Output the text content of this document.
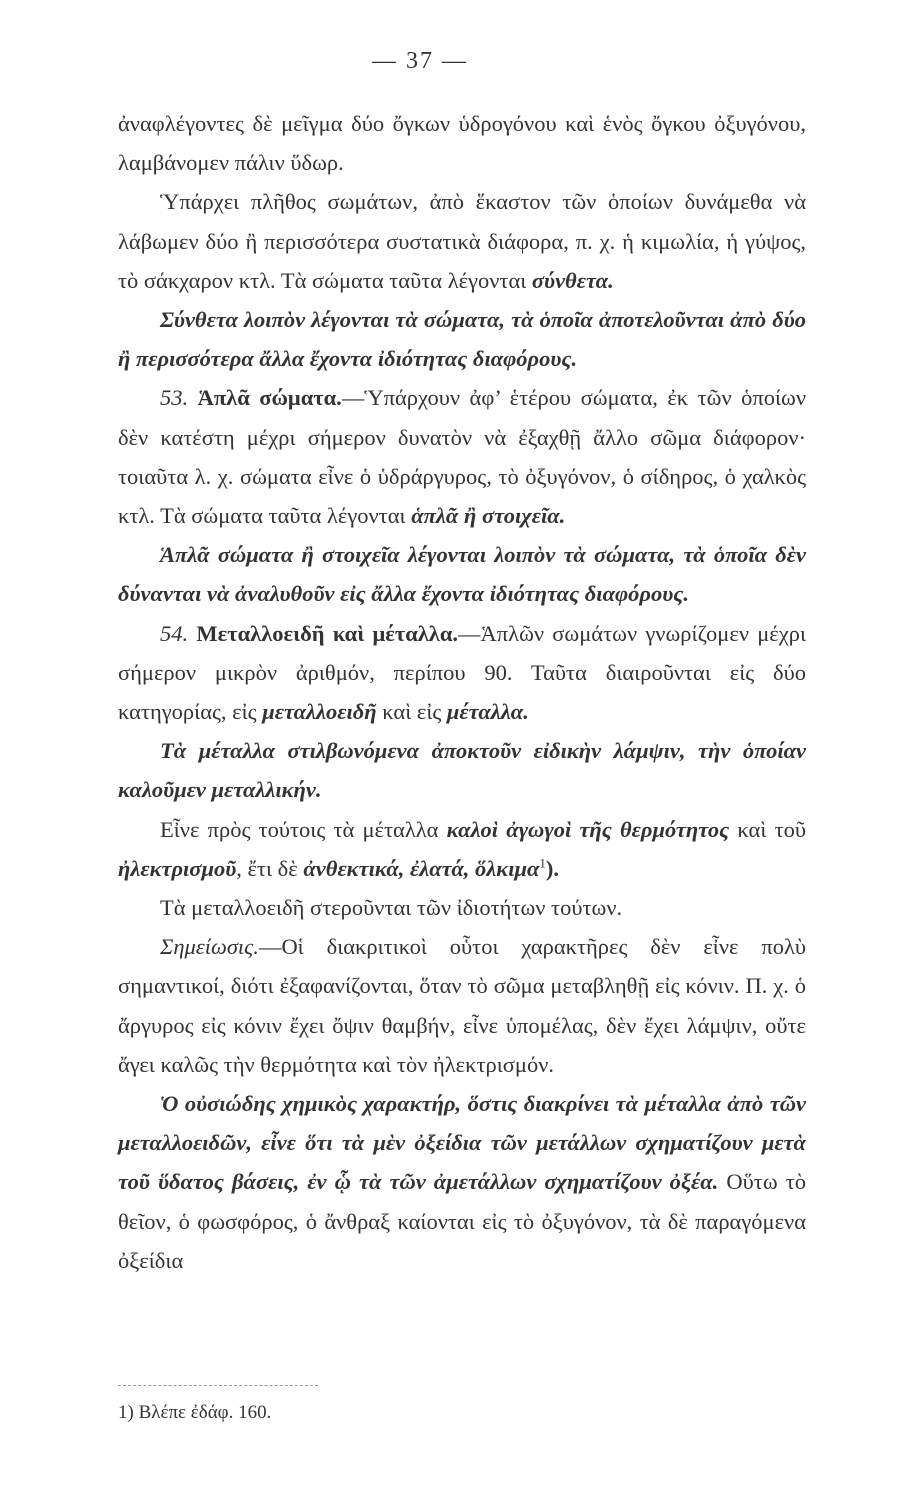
— 37 —

ἀναφλέγοντες δὲ μεῖγμα δύο ὄγκων ὑδρογόνου καὶ ἑνὸς ὄγκου ὀξυγόνου, λαμβάνομεν πάλιν ὕδωρ.

Ὑπάρχει πλῆθος σωμάτων, ἀπὸ ἕκαστον τῶν ὁποίων δυνάμεθα νὰ λάβωμεν δύο ἢ περισσότερα συστατικὰ διάφορα, π. χ. ἡ κιμωλία, ἡ γύψος, τὸ σάκχαρον κτλ. Τὰ σώματα ταῦτα λέγονται σύνθετα.

Σύνθετα λοιπὸν λέγονται τὰ σώματα, τὰ ὁποῖα ἀποτελοῦνται ἀπὸ δύο ἢ περισσότερα ἄλλα ἔχοντα ἰδιότητας διαφόρους.

53. Ἁπλᾶ σώματα.—Ὑπάρχουν ἀφ’ ἑτέρου σώματα, ἐκ τῶν ὁποίων δὲν κατέστη μέχρι σήμερον δυνατὸν νὰ ἐξαχθῇ ἄλλο σῶμα διάφορον· τοιαῦτα λ. χ. σώματα εἶνε ὁ ὑδράργυρος, τὸ ὀξυγόνον, ὁ σίδηρος, ὁ χαλκὸς κτλ. Τὰ σώματα ταῦτα λέγονται ἁπλᾶ ἢ στοιχεῖα.

Ἁπλᾶ σώματα ἢ στοιχεῖα λέγονται λοιπὸν τὰ σώματα, τὰ ὁποῖα δὲν δύνανται νὰ ἀναλυθοῦν εἰς ἄλλα ἔχοντα ἰδιότητας διαφόρους.

54. Μεταλλοειδῆ καὶ μέταλλα.—Ἁπλῶν σωμάτων γνωρίζομεν μέχρι σήμερον μικρὸν ἀριθμόν, περίπου 90. Ταῦτα διαιροῦνται εἰς δύο κατηγορίας, εἰς μεταλλοειδῆ καὶ εἰς μέταλλα.

Τὰ μέταλλα στιλβωνόμενα ἀποκτοῦν εἰδικὴν λάμψιν, τὴν ὁποίαν καλοῦμεν μεταλλικήν.

Εἶνε πρὸς τούτοις τὰ μέταλλα καλοὶ ἀγωγοὶ τῆς θερμότητος καὶ τοῦ ἠλεκτρισμοῦ, ἔτι δὲ ἀνθεκτικά, ἐλατά, ὅλκιμα$^1$).

Τὰ μεταλλοειδῆ στεροῦνται τῶν ἰδιοτήτων τούτων.

Σημείωσις.—Οἱ διακριτικοὶ οὗτοι χαρακτῆρες δὲν εἶνε πολὺ σημαντικοί, διότι ἐξαφανίζονται, ὅταν τὸ σῶμα μεταβληθῇ εἰς κόνιν. Π. χ. ὁ ἄργυρος εἰς κόνιν ἔχει ὄψιν θαμβήν, εἶνε ὑπομέλας, δὲν ἔχει λάμψιν, οὔτε ἄγει καλῶς τὴν θερμότητα καὶ τὸν ἠλεκτρισμόν.

Ὁ οὐσιώδης χημικὸς χαρακτήρ, ὅστις διακρίνει τὰ μέταλλα ἀπὸ τῶν μεταλλοειδῶν, εἶνε ὅτι τὰ μὲν ὀξείδια τῶν μετάλλων σχηματίζουν μετὰ τοῦ ὕδατος βάσεις, ἐν ᾧ τὰ τῶν ἀμετάλλων σχηματίζουν ὀξέα. Οὕτω τὸ θεῖον, ὁ φωσφόρος, ὁ ἄνθραξ καίονται εἰς τὸ ὀξυγόνον, τὰ δὲ παραγόμενα ὀξείδια

1) Βλέπε ἐδάφ. 160.
